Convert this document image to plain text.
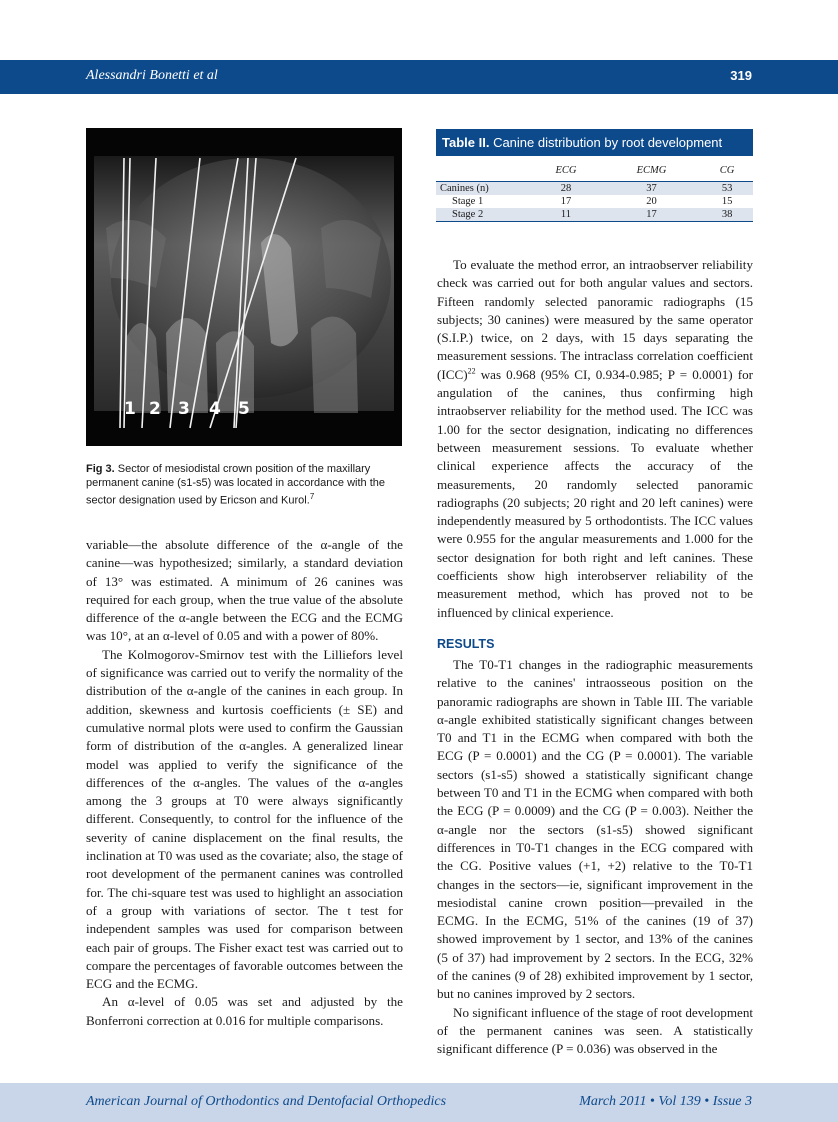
Alessandri Bonetti et al	319
1 2 3 4 5
Fig 3. Sector of mesiodistal crown position of the maxillary permanent canine (s1-s5) was located in accordance with the sector designation used by Ericson and Kurol.$^7$
Table II. Canine distribution by root development
	ECG	ECMG	CG
Canines (n)	28	37	53
Stage 1	17	20	15
Stage 2	11	17	38

variable—the absolute difference of the α-angle of the canine—was hypothesized; similarly, a standard deviation of 13° was estimated. A minimum of 26 canines was required for each group, when the true value of the absolute difference of the α-angle between the ECG and the ECMG was 10°, at an α-level of 0.05 and with a power of 80%.

The Kolmogorov-Smirnov test with the Lilliefors level of significance was carried out to verify the normality of the distribution of the α-angle of the canines in each group. In addition, skewness and kurtosis coefficients (± SE) and cumulative normal plots were used to confirm the Gaussian form of distribution of the α-angles. A generalized linear model was applied to verify the significance of the differences of the α-angles. The values of the α-angles among the 3 groups at T0 were always significantly different. Consequently, to control for the influence of the severity of canine displacement on the final results, the inclination at T0 was used as the covariate; also, the stage of root development of the permanent canines was controlled for. The chi-square test was used to highlight an association of a group with variations of sector. The t test for independent samples was used for comparison between each pair of groups. The Fisher exact test was carried out to compare the percentages of favorable outcomes between the ECG and the ECMG.

An α-level of 0.05 was set and adjusted by the Bonferroni correction at 0.016 for multiple comparisons.

To evaluate the method error, an intraobserver reliability check was carried out for both angular values and sectors. Fifteen randomly selected panoramic radiographs (15 subjects; 30 canines) were measured by the same operator (S.I.P.) twice, on 2 days, with 15 days separating the measurement sessions. The intraclass correlation coefficient (ICC)$^{22}$ was 0.968 (95% CI, 0.934-0.985; P = 0.0001) for angulation of the canines, thus confirming high intraobserver reliability for the method used. The ICC was 1.00 for the sector designation, indicating no differences between measurement sessions. To evaluate whether clinical experience affects the accuracy of the measurements, 20 randomly selected panoramic radiographs (20 subjects; 20 right and 20 left canines) were independently measured by 5 orthodontists. The ICC values were 0.955 for the angular measurements and 1.000 for the sector designation for both right and left canines. These coefficients show high interobserver reliability of the measurement method, which has proved not to be influenced by clinical experience.

RESULTS

The T0-T1 changes in the radiographic measurements relative to the canines' intraosseous position on the panoramic radiographs are shown in Table III. The variable α-angle exhibited statistically significant changes between T0 and T1 in the ECMG when compared with both the ECG (P = 0.0001) and the CG (P = 0.0001). The variable sectors (s1-s5) showed a statistically significant change between T0 and T1 in the ECMG when compared with both the ECG (P = 0.0009) and the CG (P = 0.003). Neither the α-angle nor the sectors (s1-s5) showed significant differences in T0-T1 changes in the ECG compared with the CG. Positive values (+1, +2) relative to the T0-T1 changes in the sectors—ie, significant improvement in the mesiodistal canine crown position—prevailed in the ECMG. In the ECMG, 51% of the canines (19 of 37) showed improvement by 1 sector, and 13% of the canines (5 of 37) had improvement by 2 sectors. In the ECG, 32% of the canines (9 of 28) exhibited improvement by 1 sector, but no canines improved by 2 sectors.

No significant influence of the stage of root development of the permanent canines was seen. A statistically significant difference (P = 0.036) was observed in the

American Journal of Orthodontics and Dentofacial Orthopedics	March 2011 • Vol 139 • Issue 3
